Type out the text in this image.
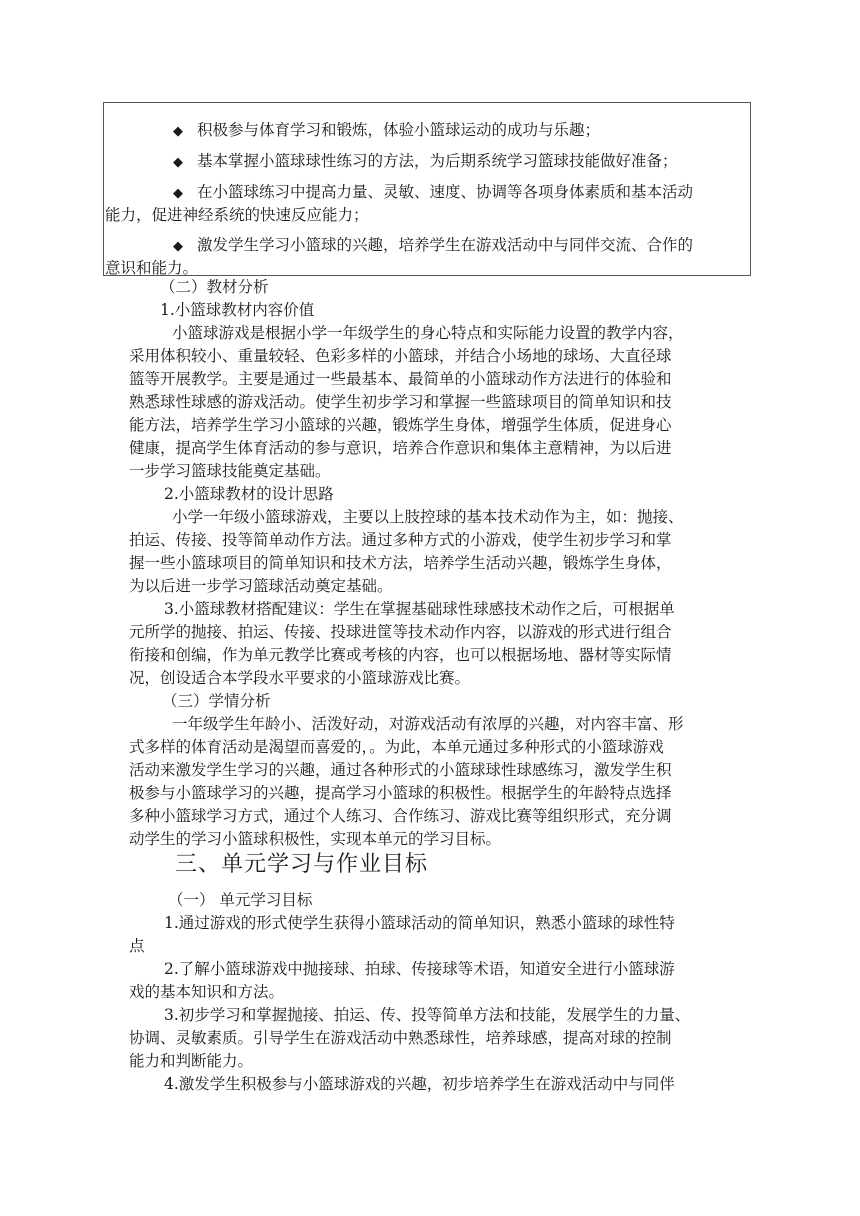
◆ 积极参与体育学习和锻炼，体验小篮球运动的成功与乐趣；
◆ 基本掌握小篮球球性练习的方法，为后期系统学习篮球技能做好准备；
◆ 在小篮球练习中提高力量、灵敏、速度、协调等各项身体素质和基本活动
能力，促进神经系统的快速反应能力；
◆ 激发学生学习小篮球的兴趣，培养学生在游戏活动中与同伴交流、合作的
意识和能力。
（二）教材分析
1.小篮球教材内容价值
小篮球游戏是根据小学一年级学生的身心特点和实际能力设置的教学内容，
采用体积较小、重量较轻、色彩多样的小篮球，并结合小场地的球场、大直径球
篮等开展教学。主要是通过一些最基本、最简单的小篮球动作方法进行的体验和
熟悉球性球感的游戏活动。使学生初步学习和掌握一些篮球项目的简单知识和技
能方法，培养学生学习小篮球的兴趣，锻炼学生身体，增强学生体质，促进身心
健康，提高学生体育活动的参与意识，培养合作意识和集体主意精神，为以后进
一步学习篮球技能奠定基础。
2.小篮球教材的设计思路
小学一年级小篮球游戏，主要以上肢控球的基本技术动作为主，如：抛接、
拍运、传接、投等简单动作方法。通过多种方式的小游戏，使学生初步学习和掌
握一些小篮球项目的简单知识和技术方法，培养学生活动兴趣，锻炼学生身体，
为以后进一步学习篮球活动奠定基础。
3.小篮球教材搭配建议：学生在掌握基础球性球感技术动作之后，可根据单
元所学的抛接、拍运、传接、投球进筐等技术动作内容，以游戏的形式进行组合
衔接和创编，作为单元教学比赛或考核的内容，也可以根据场地、器材等实际情
况，创设适合本学段水平要求的小篮球游戏比赛。
（三）学情分析
一年级学生年龄小、活泼好动，对游戏活动有浓厚的兴趣，对内容丰富、形
式多样的体育活动是渴望而喜爱的，。为此，本单元通过多种形式的小篮球游戏
活动来激发学生学习的兴趣，通过各种形式的小篮球球性球感练习，激发学生积
极参与小篮球学习的兴趣，提高学习小篮球的积极性。根据学生的年龄特点选择
多种小篮球学习方式，通过个人练习、合作练习、游戏比赛等组织形式，充分调
动学生的学习小篮球积极性，实现本单元的学习目标。
三、单元学习与作业目标
（一） 单元学习目标
1.通过游戏的形式使学生获得小篮球活动的简单知识，熟悉小篮球的球性特
点
2.了解小篮球游戏中抛接球、拍球、传接球等术语，知道安全进行小篮球游
戏的基本知识和方法。
3.初步学习和掌握抛接、拍运、传、投等简单方法和技能，发展学生的力量、
协调、灵敏素质。引导学生在游戏活动中熟悉球性，培养球感，提高对球的控制
能力和判断能力。
4.激发学生积极参与小篮球游戏的兴趣，初步培养学生在游戏活动中与同伴
